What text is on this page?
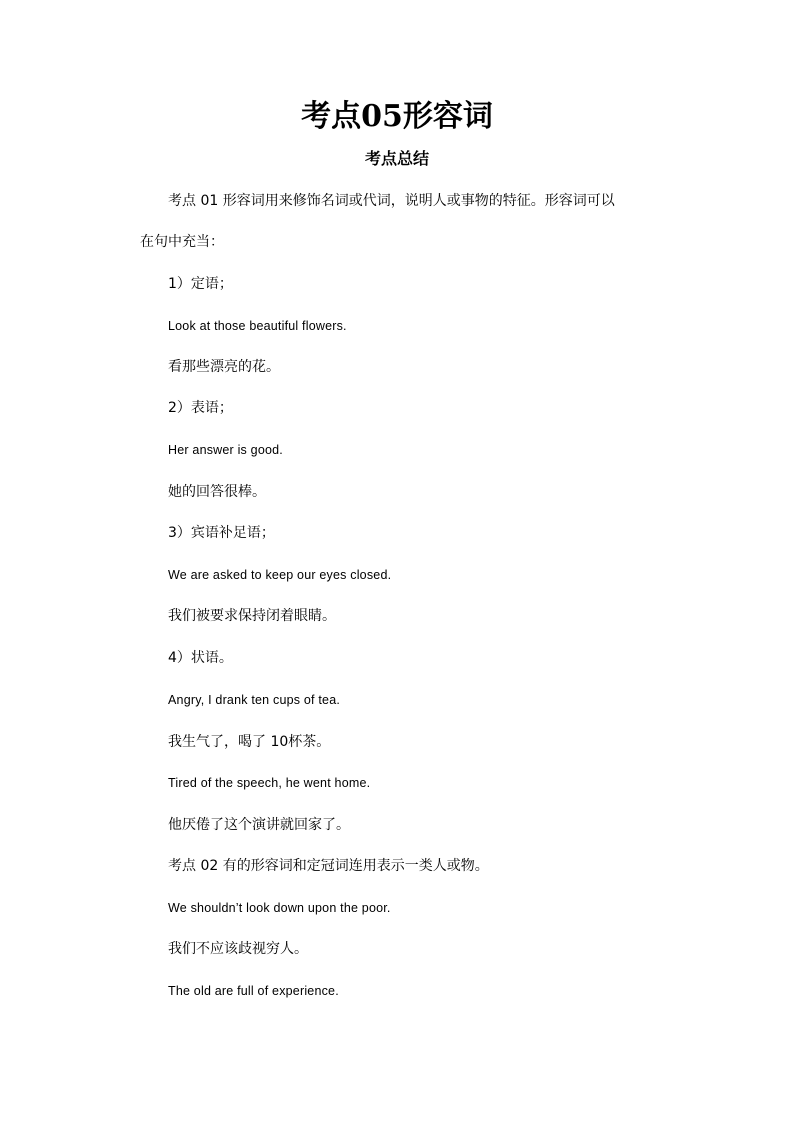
考点05形容词
考点总结
考点 01 形容词用来修饰名词或代词，说明人或事物的特征。形容词可以
在句中充当：
1）定语；
Look at those beautiful flowers.
看那些漂亮的花。
2）表语；
Her answer is good.
她的回答很棒。
3）宾语补足语；
We are asked to keep our eyes closed.
我们被要求保持闭着眼睛。
4）状语。
Angry, I drank ten cups of tea.
我生气了，喝了 10杯茶。
Tired of the speech, he went home.
他厌倦了这个演讲就回家了。
考点 02 有的形容词和定冠词连用表示一类人或物。
We shouldn’t look down upon the poor.
我们不应该歧视穷人。
The old are full of experience.
